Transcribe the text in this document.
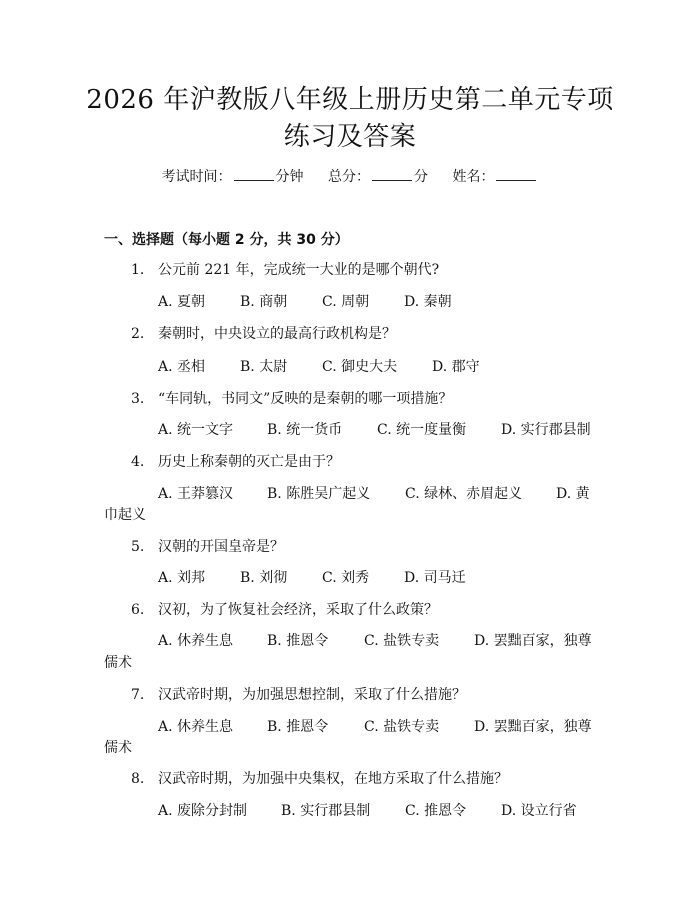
2026 年沪教版八年级上册历史第二单元专项
练习及答案
考试时间：	分钟 总分：	分 姓名：
一、选择题（每小题 2 分，共 30 分）
1. 公元前 221 年，完成统一大业的是哪个朝代?
A. 夏朝 B. 商朝 C. 周朝 D. 秦朝
2. 秦朝时，中央设立的最高行政机构是？
A. 丞相 B. 太尉 C. 御史大夫 D. 郡守
3. “车同轨，书同文”反映的是秦朝的哪一项措施？
A. 统一文字 B. 统一货币 C. 统一度量衡 D. 实行郡县制
4. 历史上称秦朝的灭亡是由于？
A. 王莽篡汉 B. 陈胜吴广起义 C. 绿林、赤眉起义 D. 黄
巾起义
5. 汉朝的开国皇帝是？
A. 刘邦 B. 刘彻 C. 刘秀 D. 司马迁
6. 汉初，为了恢复社会经济，采取了什么政策？
A. 休养生息 B. 推恩令	C. 盐铁专卖 D. 罢黜百家，独尊
儒术
7. 汉武帝时期，为加强思想控制，采取了什么措施？
A. 休养生息 B. 推恩令	C. 盐铁专卖 D. 罢黜百家，独尊
儒术
8. 汉武帝时期，为加强中央集权，在地方采取了什么措施？
A. 废除分封制 B. 实行郡县制 C. 推恩令 D. 设立行省
